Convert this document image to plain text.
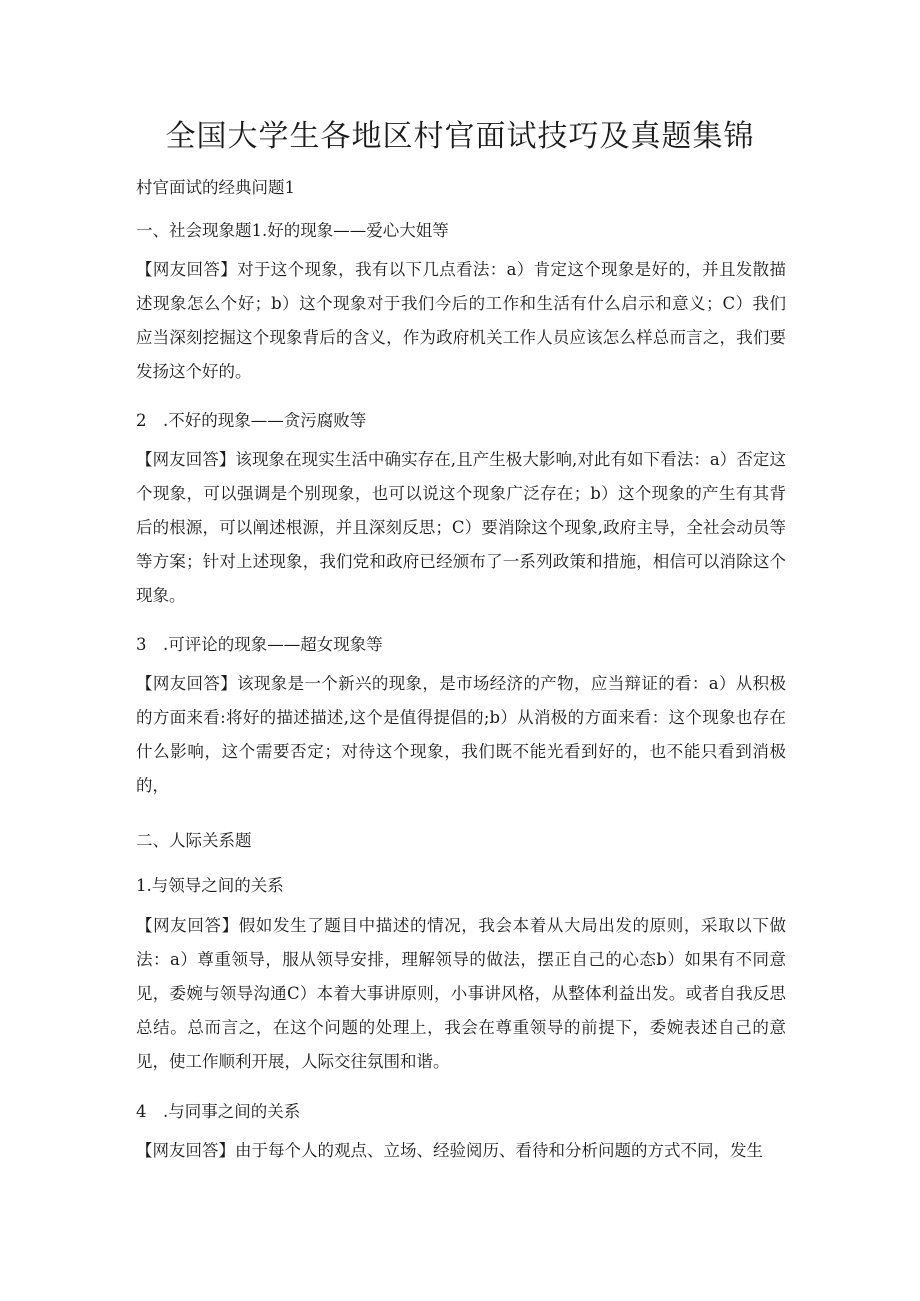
全国大学生各地区村官面试技巧及真题集锦
村官面试的经典问题1
一、社会现象题1.好的现象——爱心大姐等
【网友回答】对于这个现象，我有以下几点看法：a）肯定这个现象是好的，并且发散描述现象怎么个好；b）这个现象对于我们今后的工作和生活有什么启示和意义；C）我们应当深刻挖掘这个现象背后的含义，作为政府机关工作人员应该怎么样总而言之，我们要发扬这个好的。
2　.不好的现象——贪污腐败等
【网友回答】该现象在现实生活中确实存在,且产生极大影响,对此有如下看法：a）否定这个现象，可以强调是个别现象，也可以说这个现象广泛存在；b）这个现象的产生有其背后的根源，可以阐述根源，并且深刻反思；C）要消除这个现象,政府主导，全社会动员等等方案；针对上述现象，我们党和政府已经颁布了一系列政策和措施，相信可以消除这个现象。
3　.可评论的现象——超女现象等
【网友回答】该现象是一个新兴的现象，是市场经济的产物，应当辩证的看：a）从积极的方面来看:将好的描述描述,这个是值得提倡的;b）从消极的方面来看：这个现象也存在什么影响，这个需要否定；对待这个现象，我们既不能光看到好的，也不能只看到消极的，
二、人际关系题
1.与领导之间的关系
【网友回答】假如发生了题目中描述的情况，我会本着从大局出发的原则，采取以下做法：a）尊重领导，服从领导安排，理解领导的做法，摆正自己的心态b）如果有不同意见，委婉与领导沟通C）本着大事讲原则，小事讲风格，从整体利益出发。或者自我反思总结。总而言之，在这个问题的处理上，我会在尊重领导的前提下，委婉表述自己的意见，使工作顺利开展，人际交往氛围和谐。
4　.与同事之间的关系
【网友回答】由于每个人的观点、立场、经验阅历、看待和分析问题的方式不同，发生
